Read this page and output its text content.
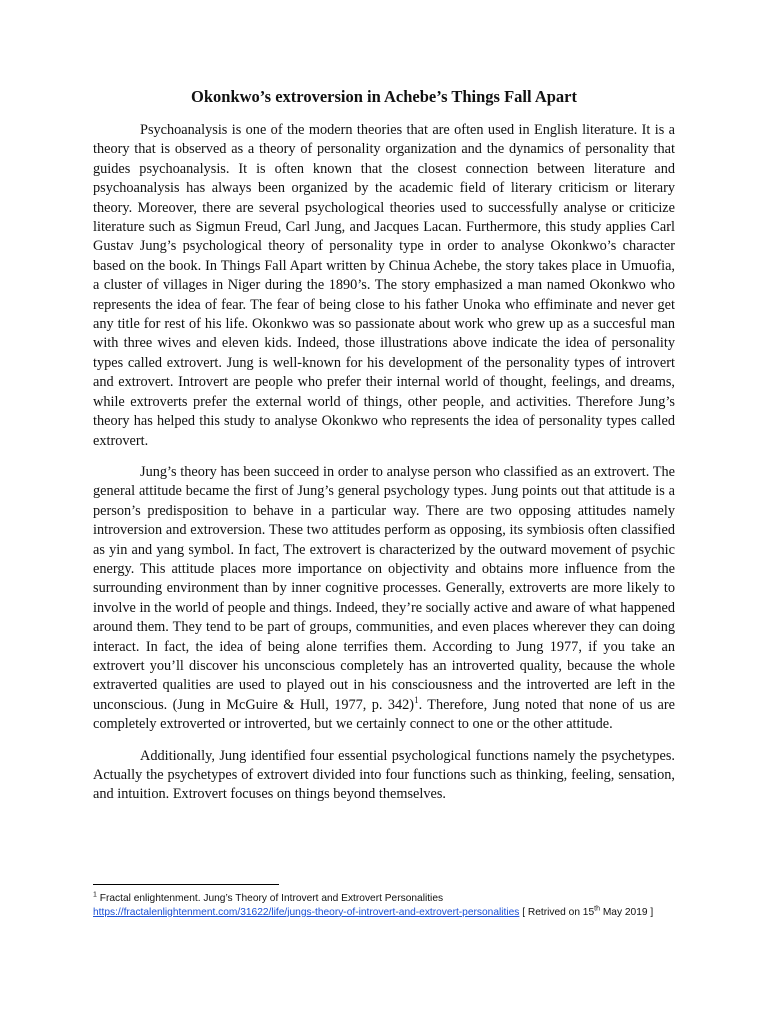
Okonkwo’s extroversion in Achebe’s Things Fall Apart

Psychoanalysis is one of the modern theories that are often used in English literature. It is a theory that is observed as a theory of personality organization and the dynamics of personality that guides psychoanalysis. It is often known that the closest connection between literature and psychoanalysis has always been organized by the academic field of literary criticism or literary theory. Moreover, there are several psychological theories used to successfully analyse or criticize literature such as Sigmun Freud, Carl Jung, and Jacques Lacan. Furthermore, this study applies Carl Gustav Jung’s psychological theory of personality type in order to analyse Okonkwo’s character based on the book. In Things Fall Apart written by Chinua Achebe, the story takes place in Umuofia, a cluster of villages in Niger during the 1890’s. The story emphasized a man named Okonkwo who represents the idea of fear. The fear of being close to his father Unoka who effiminate and never get any title for rest of his life. Okonkwo was so passionate about work who grew up as a succesful man with three wives and eleven kids. Indeed, those illustrations above indicate the idea of personality types called extrovert. Jung is well-known for his development of the personality types of introvert and extrovert. Introvert are people who prefer their internal world of thought, feelings, and dreams, while extroverts prefer the external world of things, other people, and activities. Therefore Jung’s theory has helped this study to analyse Okonkwo who represents the idea of personality types called extrovert.

Jung’s theory has been succeed in order to analyse person who classified as an extrovert. The general attitude became the first of Jung’s general psychology types. Jung points out that attitude is a person’s predisposition to behave in a particular way. There are two opposing attitudes namely introversion and extroversion. These two attitudes perform as opposing, its symbiosis often classified as yin and yang symbol. In fact, The extrovert is characterized by the outward movement of psychic energy. This attitude places more importance on objectivity and obtains more influence from the surrounding environment than by inner cognitive processes. Generally, extroverts are more likely to involve in the world of people and things. Indeed, they’re socially active and aware of what happened around them. They tend to be part of groups, communities, and even places wherever they can doing interact. In fact, the idea of being alone terrifies them. According to Jung 1977, if you take an extrovert you’ll discover his unconscious completely has an introverted quality, because the whole extraverted qualities are used to played out in his consciousness and the introverted are left in the unconscious. (Jung in McGuire & Hull, 1977, p. 342)$^1$. Therefore, Jung noted that none of us are completely extroverted or introverted, but we certainly connect to one or the other attitude.

Additionally, Jung identified four essential psychological functions namely the psychetypes. Actually the psychetypes of extrovert divided into four functions such as thinking, feeling, sensation, and intuition. Extrovert focuses on things beyond themselves.

$^1$ Fractal enlightenment. Jung’s Theory of Introvert and Extrovert Personalities
https://fractalenlightenment.com/31622/life/jungs-theory-of-introvert-and-extrovert-personalities [ Retrived on 15th May 2019 ]
